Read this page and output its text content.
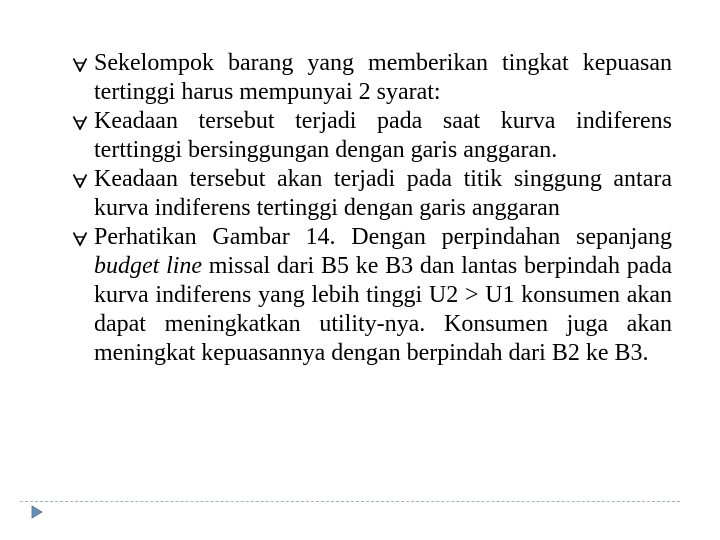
Sekelompok barang yang memberikan tingkat kepuasan tertinggi harus mempunyai 2 syarat:

Keadaan tersebut terjadi pada saat kurva indiferens terttinggi bersinggungan dengan garis anggaran.

Keadaan tersebut akan terjadi pada titik singgung antara kurva indiferens tertinggi dengan garis anggaran

Perhatikan Gambar 14. Dengan perpindahan sepanjang budget line missal dari B5 ke B3 dan lantas berpindah pada kurva indiferens yang lebih tinggi U2 > U1 konsumen akan dapat meningkatkan utility-nya. Konsumen juga akan meningkat kepuasannya dengan berpindah dari B2 ke B3.
